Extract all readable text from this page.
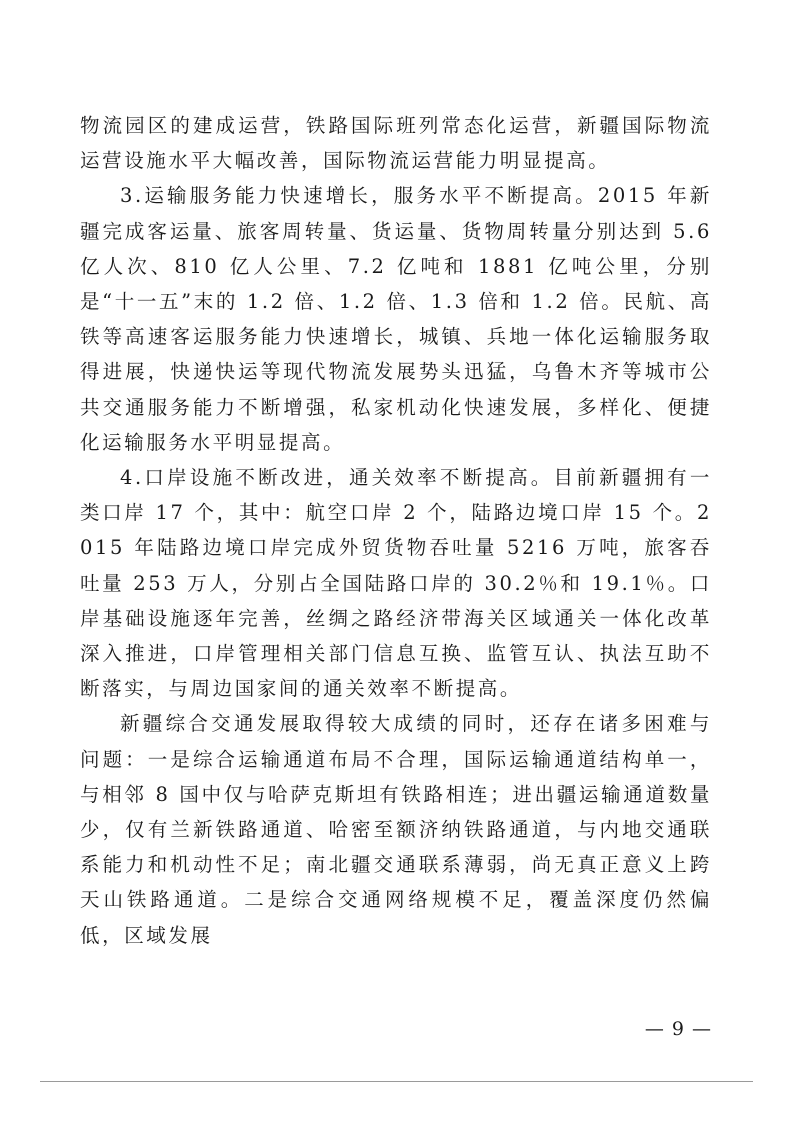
物流园区的建成运营，铁路国际班列常态化运营，新疆国际物流运营设施水平大幅改善，国际物流运营能力明显提高。

3.运输服务能力快速增长，服务水平不断提高。2015 年新疆完成客运量、旅客周转量、货运量、货物周转量分别达到 5.6 亿人次、810 亿人公里、7.2 亿吨和 1881 亿吨公里，分别是“十一五”末的 1.2 倍、1.2 倍、1.3 倍和 1.2 倍。民航、高铁等高速客运服务能力快速增长，城镇、兵地一体化运输服务取得进展，快递快运等现代物流发展势头迅猛，乌鲁木齐等城市公共交通服务能力不断增强，私家机动化快速发展，多样化、便捷化运输服务水平明显提高。

4.口岸设施不断改进，通关效率不断提高。目前新疆拥有一类口岸 17 个，其中：航空口岸 2 个，陆路边境口岸 15 个。2015 年陆路边境口岸完成外贸货物吞吐量 5216 万吨，旅客吞吐量 253 万人，分别占全国陆路口岸的 30.2％和 19.1％。口岸基础设施逐年完善，丝绸之路经济带海关区域通关一体化改革深入推进，口岸管理相关部门信息互换、监管互认、执法互助不断落实，与周边国家间的通关效率不断提高。

新疆综合交通发展取得较大成绩的同时，还存在诸多困难与问题：一是综合运输通道布局不合理，国际运输通道结构单一，与相邻 8 国中仅与哈萨克斯坦有铁路相连；进出疆运输通道数量少，仅有兰新铁路通道、哈密至额济纳铁路通道，与内地交通联系能力和机动性不足；南北疆交通联系薄弱，尚无真正意义上跨天山铁路通道。二是综合交通网络规模不足，覆盖深度仍然偏低，区域发展

— 9 —
